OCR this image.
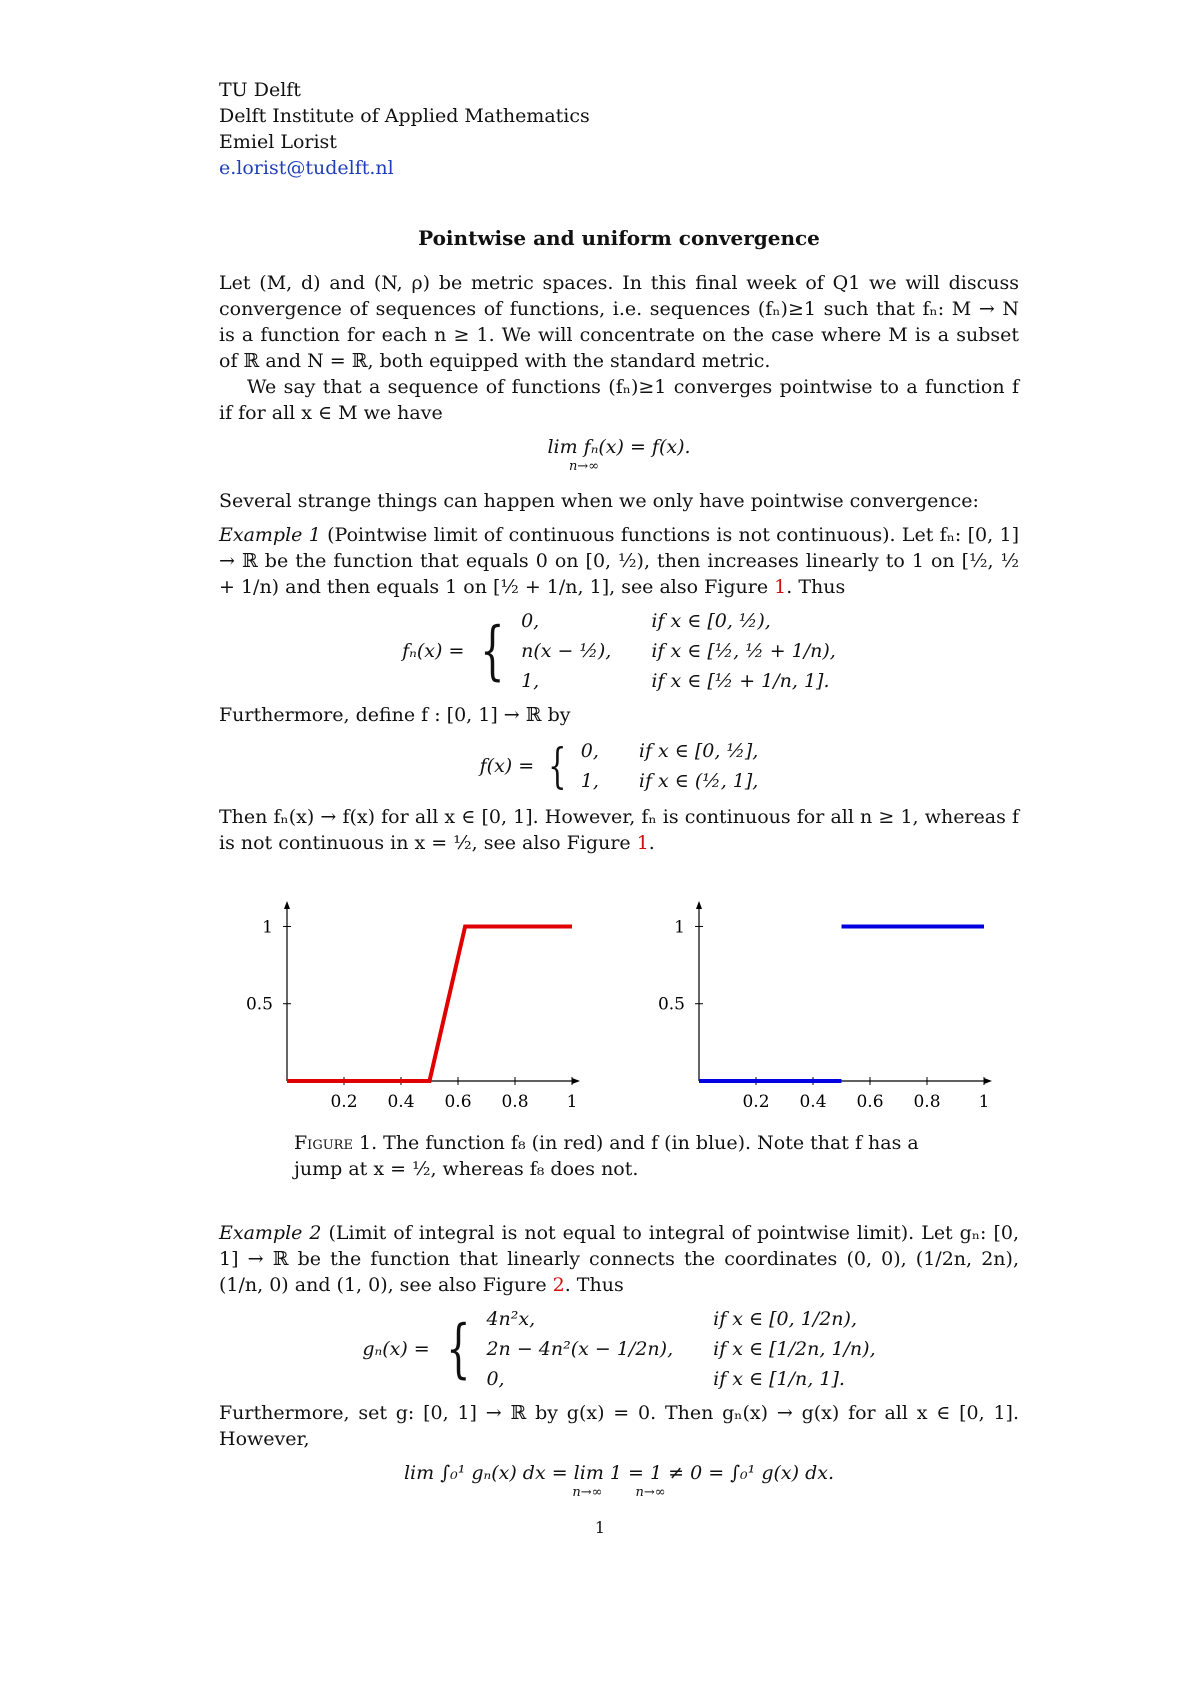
TU Delft
Delft Institute of Applied Mathematics
Emiel Lorist
e.lorist@tudelft.nl
Pointwise and uniform convergence

Let (M, d) and (N, ρ) be metric spaces. In this final week of Q1 we will discuss convergence of sequences of functions, i.e. sequences (fₙ)≥1 such that fₙ: M → N is a function for each n ≥ 1. We will concentrate on the case where M is a subset of ℝ and N = ℝ, both equipped with the standard metric.

We say that a sequence of functions (fₙ)≥1 converges pointwise to a function f if for all x ∈ M we have

lim fₙ(x) = f(x).
n→∞

Several strange things can happen when we only have pointwise convergence:

Example 1 (Pointwise limit of continuous functions is not continuous). Let fₙ: [0, 1] → ℝ be the function that equals 0 on [0, ½), then increases linearly to 1 on [½, ½ + 1/n) and then equals 1 on [½ + 1/n, 1], see also Figure 1. Thus

fₙ(x) = { 0,	if x ∈ [0, ½),
n(x − ½), if x ∈ [½, ½ + 1/n),
1,	if x ∈ [½ + 1/n, 1].

Furthermore, define f : [0, 1] → ℝ by

f(x) = { 0, if x ∈ [0, ½],
1, if x ∈ (½, 1],

Then fₙ(x) → f(x) for all x ∈ [0, 1]. However, fₙ is continuous for all n ≥ 1, whereas f is not continuous in x = ½, see also Figure 1.

0.2 0.4 0.6 0.8 1
0.5
1
0.2 0.4 0.6 0.8 1
0.5
1
Figure 1. The function f₈ (in red) and f (in blue). Note that f has a jump at x = ½, whereas f₈ does not.

Example 2 (Limit of integral is not equal to integral of pointwise limit). Let gₙ: [0, 1] → ℝ be the function that linearly connects the coordinates (0, 0), (1/2n, 2n), (1/n, 0) and (1, 0), see also Figure 2. Thus

gₙ(x) = { 4n²x,	if x ∈ [0, 1/2n),
2n − 4n²(x − 1/2n), if x ∈ [1/2n, 1/n),
0,	if x ∈ [1/n, 1].

Furthermore, set g: [0, 1] → ℝ by g(x) = 0. Then gₙ(x) → g(x) for all x ∈ [0, 1]. However,

lim ∫₀¹ gₙ(x) dx = lim 1 = 1 ≠ 0 = ∫₀¹ g(x) dx.
n→∞        n→∞
1
